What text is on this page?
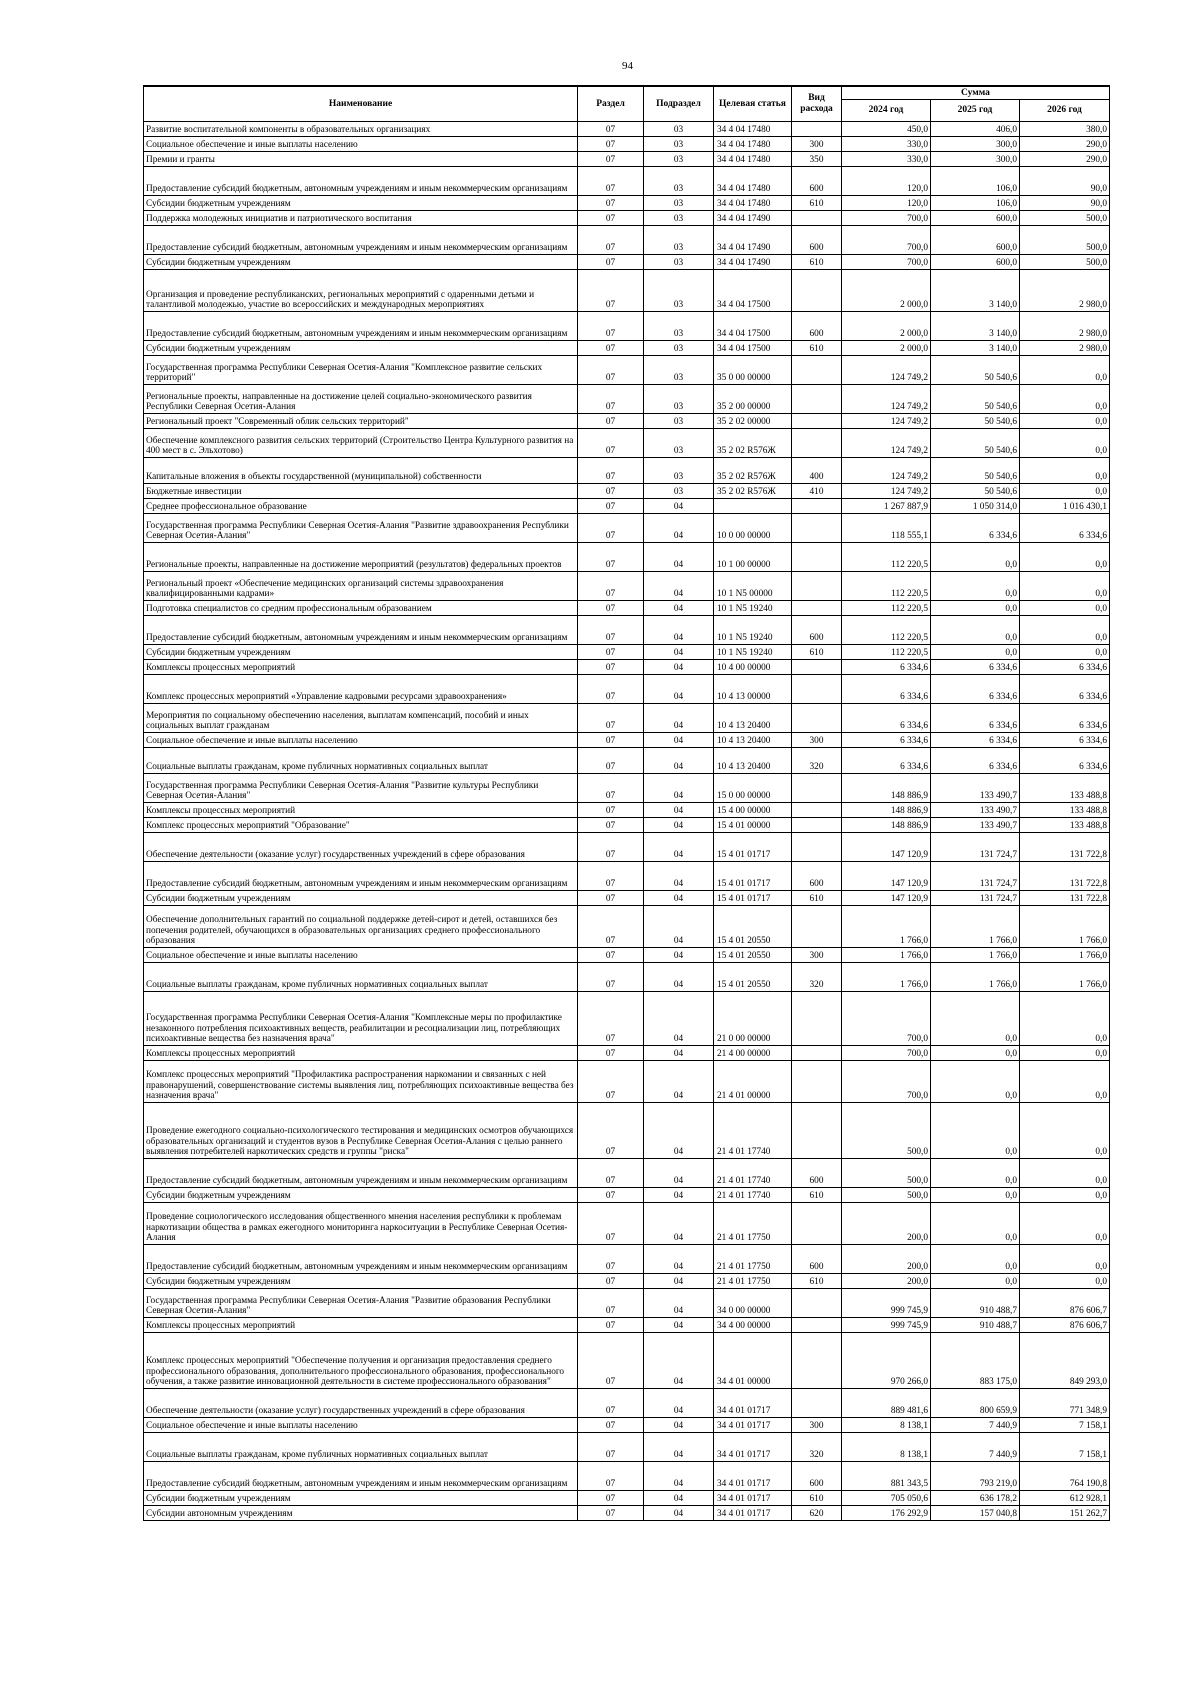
94
Наименование	Раздел	Подраздел	Целевая статья	Вид расхода	Сумма		
					2024 год	2025 год	2026 год
Развитие воспитательной компоненты в образовательных организациях	07	03	34 4 04 17480		450,0	406,0	380,0
Социальное обеспечение и иные выплаты населению	07	03	34 4 04 17480	300	330,0	300,0	290,0
Премии и гранты	07	03	34 4 04 17480	350	330,0	300,0	290,0
Предоставление субсидий бюджетным, автономным учреждениям и иным некоммерческим организациям	07	03	34 4 04 17480	600	120,0	106,0	90,0
Субсидии бюджетным учреждениям	07	03	34 4 04 17480	610	120,0	106,0	90,0
Поддержка молодежных инициатив и патриотического воспитания	07	03	34 4 04 17490		700,0	600,0	500,0
Предоставление субсидий бюджетным, автономным учреждениям и иным некоммерческим организациям	07	03	34 4 04 17490	600	700,0	600,0	500,0
Субсидии бюджетным учреждениям	07	03	34 4 04 17490	610	700,0	600,0	500,0
Организация и проведение республиканских, региональных мероприятий с одаренными детьми и талантливой молодежью, участие во всероссийских и международных мероприятиях	07	03	34 4 04 17500		2 000,0	3 140,0	2 980,0
Предоставление субсидий бюджетным, автономным учреждениям и иным некоммерческим организациям	07	03	34 4 04 17500	600	2 000,0	3 140,0	2 980,0
Субсидии бюджетным учреждениям	07	03	34 4 04 17500	610	2 000,0	3 140,0	2 980,0
Государственная программа Республики Северная Осетия-Алания "Комплексное развитие сельских территорий"	07	03	35 0 00 00000		124 749,2	50 540,6	0,0
Региональные проекты, направленные на достижение целей социально-экономического развития Республики Северная Осетия-Алания	07	03	35 2 00 00000		124 749,2	50 540,6	0,0
Региональный проект "Современный облик сельских территорий"	07	03	35 2 02 00000		124 749,2	50 540,6	0,0
Обеспечение комплексного развития сельских территорий (Строительство Центра Культурного развития на 400 мест в с. Эльхотово)	07	03	35 2 02 R576Ж		124 749,2	50 540,6	0,0
Капитальные вложения в объекты государственной (муниципальной) собственности	07	03	35 2 02 R576Ж	400	124 749,2	50 540,6	0,0
Бюджетные инвестиции	07	03	35 2 02 R576Ж	410	124 749,2	50 540,6	0,0
Среднее профессиональное образование	07	04			1 267 887,9	1 050 314,0	1 016 430,1
Государственная программа Республики Северная Осетия-Алания "Развитие здравоохранения Республики Северная Осетия-Алания"	07	04	10 0 00 00000		118 555,1	6 334,6	6 334,6
Региональные проекты, направленные на достижение мероприятий (результатов) федеральных проектов	07	04	10 1 00 00000		112 220,5	0,0	0,0
Региональный проект «Обеспечение медицинских организаций системы здравоохранения квалифицированными кадрами»	07	04	10 1 N5 00000		112 220,5	0,0	0,0
Подготовка специалистов со средним профессиональным образованием	07	04	10 1 N5 19240		112 220,5	0,0	0,0
Предоставление субсидий бюджетным, автономным учреждениям и иным некоммерческим организациям	07	04	10 1 N5 19240	600	112 220,5	0,0	0,0
Субсидии бюджетным учреждениям	07	04	10 1 N5 19240	610	112 220,5	0,0	0,0
Комплексы процессных мероприятий	07	04	10 4 00 00000		6 334,6	6 334,6	6 334,6
Комплекс процессных мероприятий «Управление кадровыми ресурсами здравоохранения»	07	04	10 4 13 00000		6 334,6	6 334,6	6 334,6
Мероприятия по социальному обеспечению населения, выплатам компенсаций, пособий и иных социальных выплат гражданам	07	04	10 4 13 20400		6 334,6	6 334,6	6 334,6
Социальное обеспечение и иные выплаты населению	07	04	10 4 13 20400	300	6 334,6	6 334,6	6 334,6
Социальные выплаты гражданам, кроме публичных нормативных социальных выплат	07	04	10 4 13 20400	320	6 334,6	6 334,6	6 334,6
Государственная программа Республики Северная Осетия-Алания "Развитие культуры Республики Северная Осетия-Алания"	07	04	15 0 00 00000		148 886,9	133 490,7	133 488,8
Комплексы процессных мероприятий	07	04	15 4 00 00000		148 886,9	133 490,7	133 488,8
Комплекс процессных мероприятий "Образование"	07	04	15 4 01 00000		148 886,9	133 490,7	133 488,8
Обеспечение деятельности (оказание услуг) государственных учреждений в сфере образования	07	04	15 4 01 01717		147 120,9	131 724,7	131 722,8
Предоставление субсидий бюджетным, автономным учреждениям и иным некоммерческим организациям	07	04	15 4 01 01717	600	147 120,9	131 724,7	131 722,8
Субсидии бюджетным учреждениям	07	04	15 4 01 01717	610	147 120,9	131 724,7	131 722,8
Обеспечение дополнительных гарантий по социальной поддержке детей-сирот и детей, оставшихся без попечения родителей, обучающихся в образовательных организациях среднего профессионального образования	07	04	15 4 01 20550		1 766,0	1 766,0	1 766,0
Социальное обеспечение и иные выплаты населению	07	04	15 4 01 20550	300	1 766,0	1 766,0	1 766,0
Социальные выплаты гражданам, кроме публичных нормативных социальных выплат	07	04	15 4 01 20550	320	1 766,0	1 766,0	1 766,0
Государственная программа Республики Северная Осетия-Алания "Комплексные меры по профилактике незаконного потребления психоактивных веществ, реабилитации и ресоциализации лиц, потребляющих психоактивные вещества без назначения врача"	07	04	21 0 00 00000		700,0	0,0	0,0
Комплексы процессных мероприятий	07	04	21 4 00 00000		700,0	0,0	0,0
Комплекс процессных мероприятий "Профилактика распространения наркомании и связанных с ней правонарушений, совершенствование системы выявления лиц, потребляющих психоактивные вещества без назначения врача"	07	04	21 4 01 00000		700,0	0,0	0,0
Проведение ежегодного социально-психологического тестирования и медицинских осмотров обучающихся образовательных организаций и студентов вузов в Республике Северная Осетия-Алания с целью раннего выявления потребителей наркотических средств и группы "риска"	07	04	21 4 01 17740		500,0	0,0	0,0
Предоставление субсидий бюджетным, автономным учреждениям и иным некоммерческим организациям	07	04	21 4 01 17740	600	500,0	0,0	0,0
Субсидии бюджетным учреждениям	07	04	21 4 01 17740	610	500,0	0,0	0,0
Проведение социологического исследования общественного мнения населения республики к проблемам наркотизации общества в рамках ежегодного мониторинга наркоситуации в Республике Северная Осетия-Алания	07	04	21 4 01 17750		200,0	0,0	0,0
Предоставление субсидий бюджетным, автономным учреждениям и иным некоммерческим организациям	07	04	21 4 01 17750	600	200,0	0,0	0,0
Субсидии бюджетным учреждениям	07	04	21 4 01 17750	610	200,0	0,0	0,0
Государственная программа Республики Северная Осетия-Алания "Развитие образования Республики Северная Осетия-Алания"	07	04	34 0 00 00000		999 745,9	910 488,7	876 606,7
Комплексы процессных мероприятий	07	04	34 4 00 00000		999 745,9	910 488,7	876 606,7
Комплекс процессных мероприятий "Обеспечение получения и организация предоставления среднего профессионального образования, дополнительного профессионального образования, профессионального обучения, а также развитие инновационной деятельности в системе профессионального образования"	07	04	34 4 01 00000		970 266,0	883 175,0	849 293,0
Обеспечение деятельности (оказание услуг) государственных учреждений в сфере образования	07	04	34 4 01 01717		889 481,6	800 659,9	771 348,9
Социальное обеспечение и иные выплаты населению	07	04	34 4 01 01717	300	8 138,1	7 440,9	7 158,1
Социальные выплаты гражданам, кроме публичных нормативных социальных выплат	07	04	34 4 01 01717	320	8 138,1	7 440,9	7 158,1
Предоставление субсидий бюджетным, автономным учреждениям и иным некоммерческим организациям	07	04	34 4 01 01717	600	881 343,5	793 219,0	764 190,8
Субсидии бюджетным учреждениям	07	04	34 4 01 01717	610	705 050,6	636 178,2	612 928,1
Субсидии автономным учреждениям	07	04	34 4 01 01717	620	176 292,9	157 040,8	151 262,7
